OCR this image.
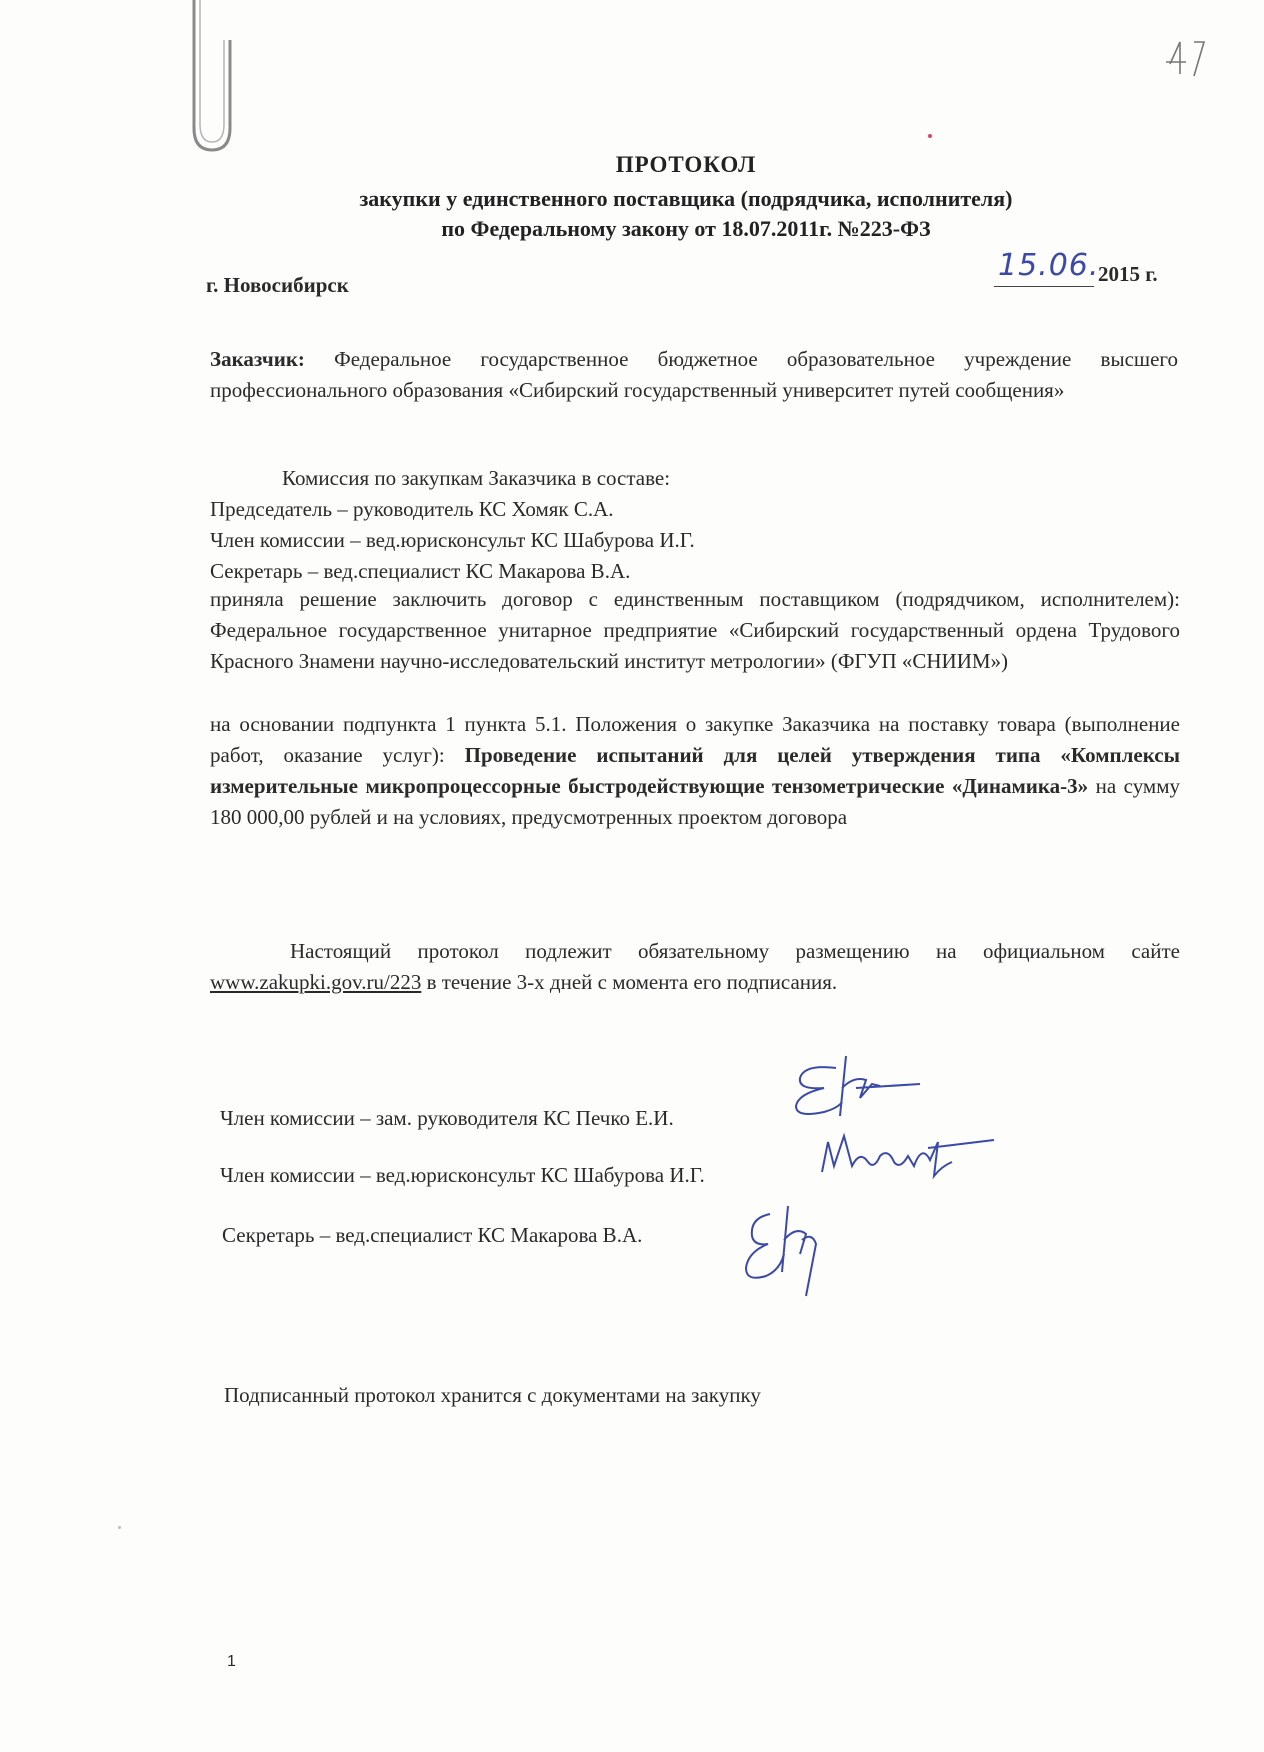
ПРОТОКОЛ
закупки у единственного поставщика (подрядчика, исполнителя)
по Федеральному закону от 18.07.2011г. №223-ФЗ
г. Новосибирск
15.06.
2015 г.
Заказчик: Федеральное государственное бюджетное образовательное учреждение высшего профессионального образования «Сибирский государственный университет путей сообщения»
Комиссия по закупкам Заказчика в составе:
Председатель – руководитель КС Хомяк С.А.
Член комиссии – вед.юрисконсульт КС Шабурова И.Г.
Секретарь – вед.специалист КС Макарова В.А.
приняла решение заключить договор с единственным поставщиком (подрядчиком, исполнителем): Федеральное государственное унитарное предприятие «Сибирский государственный ордена Трудового Красного Знамени научно-исследовательский институт метрологии» (ФГУП «СНИИМ»)
на основании подпункта 1 пункта 5.1. Положения о закупке Заказчика на поставку товара (выполнение работ, оказание услуг): Проведение испытаний для целей утверждения типа «Комплексы измерительные микропроцессорные быстродействующие тензометрические «Динамика-3» на сумму 180 000,00 рублей и на условиях, предусмотренных проектом договора
Настоящий протокол подлежит обязательному размещению на официальном сайте www.zakupki.gov.ru/223 в течение 3-х дней с момента его подписания.
Член комиссии – зам. руководителя КС Печко Е.И.
Член комиссии – вед.юрисконсульт КС Шабурова И.Г.
Секретарь – вед.специалист КС Макарова В.А.
Подписанный протокол хранится с документами на закупку
1
